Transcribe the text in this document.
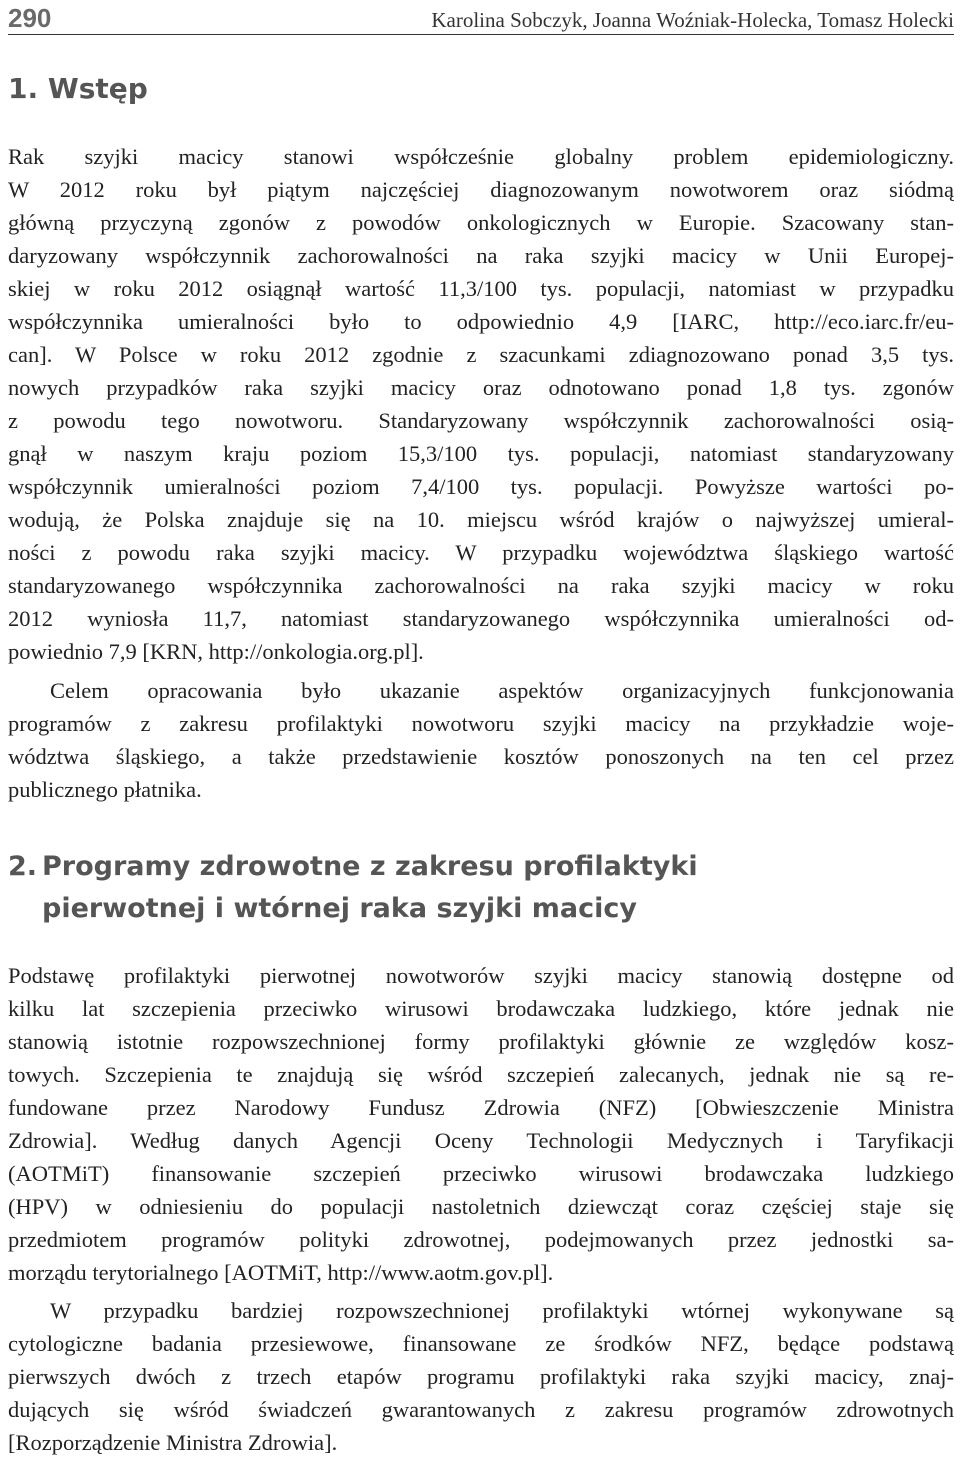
290	Karolina Sobczyk, Joanna Woźniak-Holecka, Tomasz Holecki
1. Wstęp
Rak szyjki macicy stanowi współcześnie globalny problem epidemiologiczny.
W 2012 roku był piątym najczęściej diagnozowanym nowotworem oraz siódmą
główną przyczyną zgonów z powodów onkologicznych w Europie. Szacowany stan-
daryzowany współczynnik zachorowalności na raka szyjki macicy w Unii Europej-
skiej w roku 2012 osiągnął wartość 11,3/100 tys. populacji, natomiast w przypadku
współczynnika umieralności było to odpowiednio 4,9 [IARC, http://eco.iarc.fr/eu-
can]. W Polsce w roku 2012 zgodnie z szacunkami zdiagnozowano ponad 3,5 tys.
nowych przypadków raka szyjki macicy oraz odnotowano ponad 1,8 tys. zgonów
z powodu tego nowotworu. Standaryzowany współczynnik zachorowalności osią-
gnął w naszym kraju poziom 15,3/100 tys. populacji, natomiast standaryzowany
współczynnik umieralności poziom 7,4/100 tys. populacji. Powyższe wartości po-
wodują, że Polska znajduje się na 10. miejscu wśród krajów o najwyższej umieral-
ności z powodu raka szyjki macicy. W przypadku województwa śląskiego wartość
standaryzowanego współczynnika zachorowalności na raka szyjki macicy w roku
2012 wyniosła 11,7, natomiast standaryzowanego współczynnika umieralności od-
powiednio 7,9 [KRN, http://onkologia.org.pl].
Celem opracowania było ukazanie aspektów organizacyjnych funkcjonowania
programów z zakresu profilaktyki nowotworu szyjki macicy na przykładzie woje-
wództwa śląskiego, a także przedstawienie kosztów ponoszonych na ten cel przez
publicznego płatnika.
2. Programy zdrowotne z zakresu profilaktyki
pierwotnej i wtórnej raka szyjki macicy
Podstawę profilaktyki pierwotnej nowotworów szyjki macicy stanowią dostępne od
kilku lat szczepienia przeciwko wirusowi brodawczaka ludzkiego, które jednak nie
stanowią istotnie rozpowszechnionej formy profilaktyki głównie ze względów kosz-
towych. Szczepienia te znajdują się wśród szczepień zalecanych, jednak nie są re-
fundowane przez Narodowy Fundusz Zdrowia (NFZ) [Obwieszczenie Ministra
Zdrowia]. Według danych Agencji Oceny Technologii Medycznych i Taryfikacji
(AOTMiT) finansowanie szczepień przeciwko wirusowi brodawczaka ludzkiego
(HPV) w odniesieniu do populacji nastoletnich dziewcząt coraz częściej staje się
przedmiotem programów polityki zdrowotnej, podejmowanych przez jednostki sa-
morządu terytorialnego [AOTMiT, http://www.aotm.gov.pl].
W przypadku bardziej rozpowszechnionej profilaktyki wtórnej wykonywane są
cytologiczne badania przesiewowe, finansowane ze środków NFZ, będące podstawą
pierwszych dwóch z trzech etapów programu profilaktyki raka szyjki macicy, znaj-
dujących się wśród świadczeń gwarantowanych z zakresu programów zdrowotnych
[Rozporządzenie Ministra Zdrowia].
